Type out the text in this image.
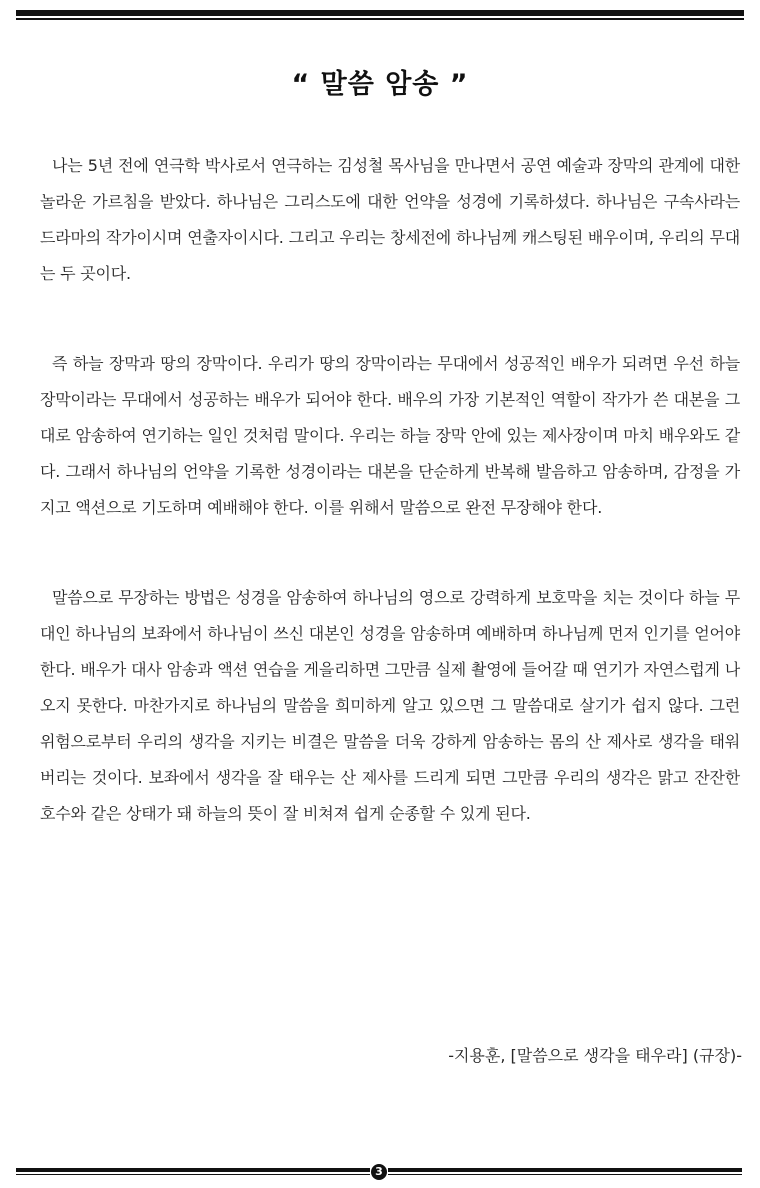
“ 말씀 암송 ”

나는 5년 전에 연극학 박사로서 연극하는 김성철 목사님을 만나면서 공연 예술과 장막의 관계에 대한 놀라운 가르침을 받았다. 하나님은 그리스도에 대한 언약을 성경에 기록하셨다. 하나님은 구속사라는 드라마의 작가이시며 연출자이시다. 그리고 우리는 창세전에 하나님께 캐스팅된 배우이며, 우리의 무대는 두 곳이다.

즉 하늘 장막과 땅의 장막이다. 우리가 땅의 장막이라는 무대에서 성공적인 배우가 되려면 우선 하늘 장막이라는 무대에서 성공하는 배우가 되어야 한다. 배우의 가장 기본적인 역할이 작가가 쓴 대본을 그대로 암송하여 연기하는 일인 것처럼 말이다. 우리는 하늘 장막 안에 있는 제사장이며 마치 배우와도 같다. 그래서 하나님의 언약을 기록한 성경이라는 대본을 단순하게 반복해 발음하고 암송하며, 감정을 가지고 액션으로 기도하며 예배해야 한다. 이를 위해서 말씀으로 완전 무장해야 한다.

말씀으로 무장하는 방법은 성경을 암송하여 하나님의 영으로 강력하게 보호막을 치는 것이다 하늘 무대인 하나님의 보좌에서 하나님이 쓰신 대본인 성경을 암송하며 예배하며 하나님께 먼저 인기를 얻어야 한다. 배우가 대사 암송과 액션 연습을 게을리하면 그만큼 실제 촬영에 들어갈 때 연기가 자연스럽게 나오지 못한다. 마찬가지로 하나님의 말씀을 희미하게 알고 있으면 그 말씀대로 살기가 쉽지 않다. 그런 위험으로부터 우리의 생각을 지키는 비결은 말씀을 더욱 강하게 암송하는 몸의 산 제사로 생각을 태워 버리는 것이다. 보좌에서 생각을 잘 태우는 산 제사를 드리게 되면 그만큼 우리의 생각은 맑고 잔잔한 호수와 같은 상태가 돼 하늘의 뜻이 잘 비쳐져 쉽게 순종할 수 있게 된다.

-지용훈, [말씀으로 생각을 태우라] (규장)-
3
